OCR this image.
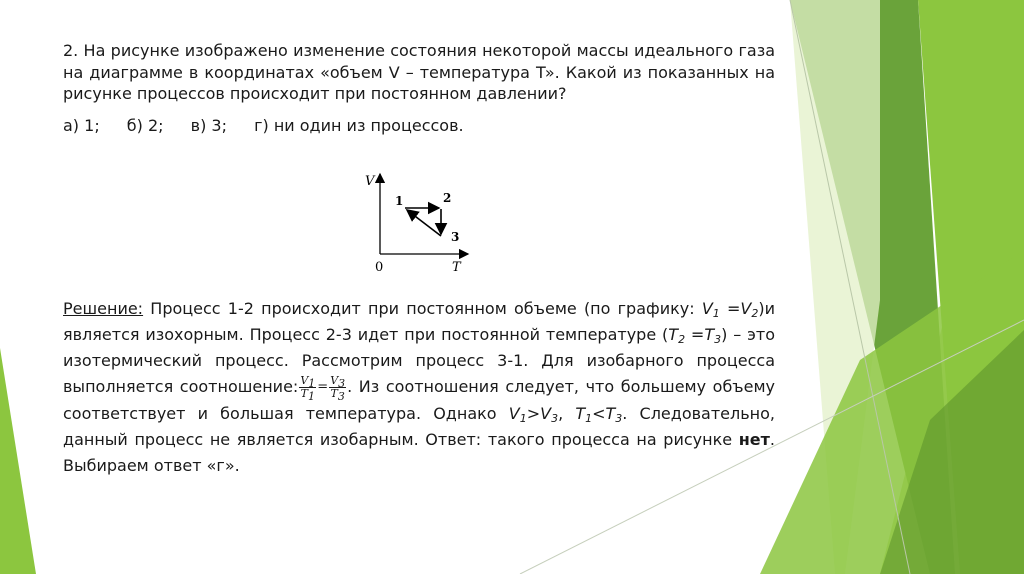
2. На рисунке изображено изменение состояния некоторой массы идеального газа на диаграмме в координатах «объем V – температура T». Какой из показанных на рисунке процессов происходит при постоянном давлении?

а) 1; б) 2; в) 3; г) ни один из процессов.

Решение: Процесс 1-2 происходит при постоянном объеме (по графику: $V_1 =V_2)и$ является изохорным. Процесс 2-3 идет при постоянной температуре $(T_2 =T_3)$ – это изотермический процесс. Рассмотрим процесс 3-1. Для изобарного процесса выполняется соотношение: $\frac{V_1}{T_1} = \frac{V_3}{T_3}$ . Из соотношения следует, что большему объему соответствует и большая температура. Однако $V_1>V_3$, $T_1<T_3$. Следовательно, данный процесс не является изобарным. Ответ: такого процесса на рисунке нет. Выбираем ответ «г».

V
T
0
1	2
3
